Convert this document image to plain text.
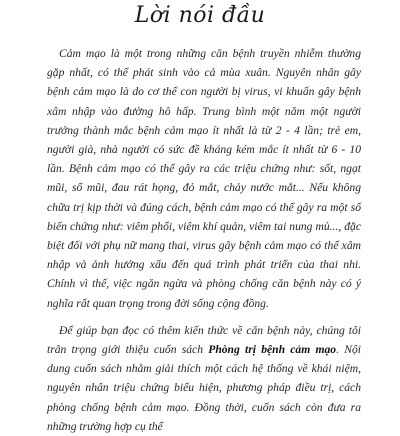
Lời nói đầu

Cảm mạo là một trong những căn bệnh truyền nhiễm thường gặp nhất, có thể phát sinh vào cả mùa xuân. Nguyên nhân gây bệnh cảm mạo là do cơ thể con người bị virus, vi khuẩn gây bệnh xâm nhập vào đường hô hấp. Trung bình một năm một người trưởng thành mắc bệnh cảm mạo ít nhất là từ 2 - 4 lần; trẻ em, người già, nhà người có sức đề kháng kém mắc ít nhất từ 6 - 10 lần. Bệnh cảm mạo có thể gây ra các triệu chứng như: sốt, ngạt mũi, sổ mũi, đau rát họng, đỏ mắt, chảy nước mắt... Nếu không chữa trị kịp thời và đúng cách, bệnh cảm mạo có thể gây ra một số biến chứng như: viêm phổi, viêm khí quản, viêm tai nung mủ..., đặc biệt đối với phụ nữ mang thai, virus gây bệnh cảm mạo có thể xâm nhập và ảnh hưởng xấu đến quá trình phát triển của thai nhi. Chính vì thế, việc ngăn ngừa và phòng chống căn bệnh này có ý nghĩa rất quan trọng trong đời sống cộng đồng.

Để giúp bạn đọc có thêm kiến thức về căn bệnh này, chúng tôi trân trọng giới thiệu cuốn sách Phòng trị bệnh cảm mạo. Nội dung cuốn sách nhằm giải thích một cách hệ thống về khái niệm, nguyên nhân triệu chứng biểu hiện, phương pháp điều trị, cách phòng chống bệnh cảm mạo. Đồng thời, cuốn sách còn đưa ra những trường hợp cụ thể
